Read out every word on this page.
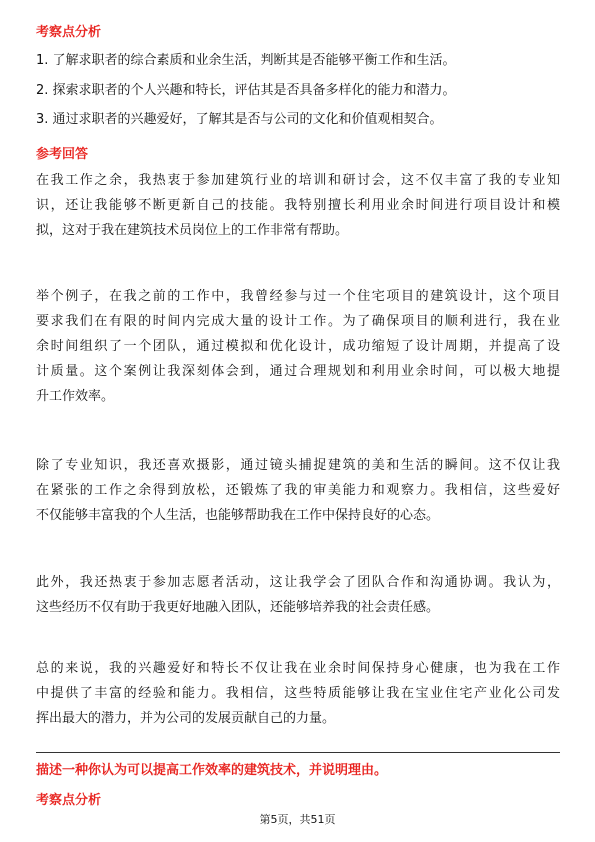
考察点分析
1. 了解求职者的综合素质和业余生活，判断其是否能够平衡工作和生活。
2. 探索求职者的个人兴趣和特长，评估其是否具备多样化的能力和潜力。
3. 通过求职者的兴趣爱好，了解其是否与公司的文化和价值观相契合。
参考回答
在我工作之余，我热衷于参加建筑行业的培训和研讨会，这不仅丰富了我的专业知
识，还让我能够不断更新自己的技能。我特别擅长利用业余时间进行项目设计和模
拟，这对于我在建筑技术员岗位上的工作非常有帮助。
举个例子，在我之前的工作中，我曾经参与过一个住宅项目的建筑设计，这个项目
要求我们在有限的时间内完成大量的设计工作。为了确保项目的顺利进行，我在业
余时间组织了一个团队，通过模拟和优化设计，成功缩短了设计周期，并提高了设
计质量。这个案例让我深刻体会到，通过合理规划和利用业余时间，可以极大地提
升工作效率。
除了专业知识，我还喜欢摄影，通过镜头捕捉建筑的美和生活的瞬间。这不仅让我
在紧张的工作之余得到放松，还锻炼了我的审美能力和观察力。我相信，这些爱好
不仅能够丰富我的个人生活，也能够帮助我在工作中保持良好的心态。
此外，我还热衷于参加志愿者活动，这让我学会了团队合作和沟通协调。我认为，
这些经历不仅有助于我更好地融入团队，还能够培养我的社会责任感。
总的来说，我的兴趣爱好和特长不仅让我在业余时间保持身心健康，也为我在工作
中提供了丰富的经验和能力。我相信，这些特质能够让我在宝业住宅产业化公司发
挥出最大的潜力，并为公司的发展贡献自己的力量。
描述一种你认为可以提高工作效率的建筑技术，并说明理由。
考察点分析
第5页，共51页
